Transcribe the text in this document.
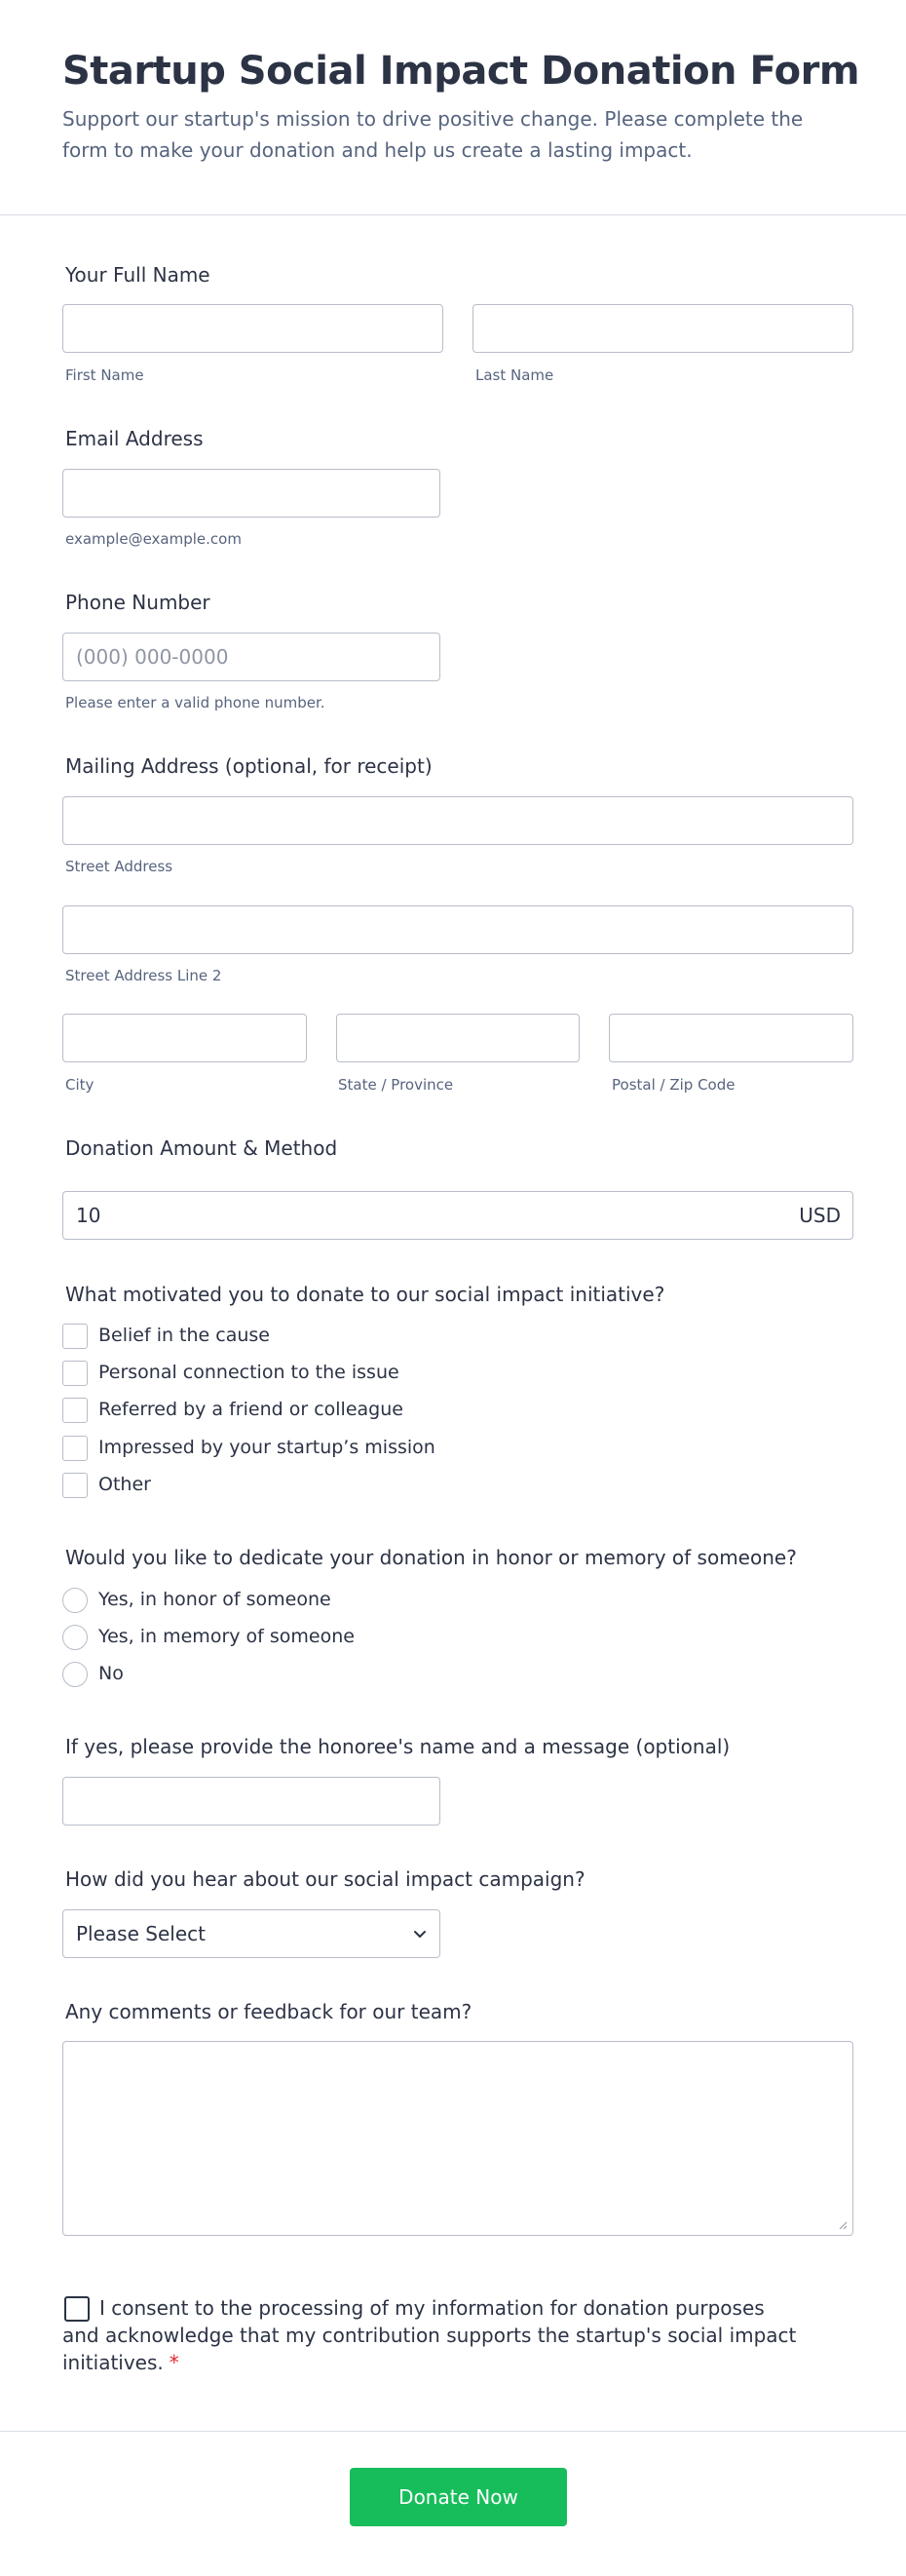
Startup Social Impact Donation Form

Support our startup's mission to drive positive change. Please complete the form to make your donation and help us create a lasting impact.

Your Full Name
First Name	Last Name
Email Address
example@example.com
Phone Number
(000) 000-0000
Please enter a valid phone number.
Mailing Address (optional, for receipt)
Street Address
Street Address Line 2
City	State / Province	Postal / Zip Code
Donation Amount & Method
10	USD
What motivated you to donate to our social impact initiative?
Belief in the cause
Personal connection to the issue
Referred by a friend or colleague
Impressed by your startup’s mission
Other
Would you like to dedicate your donation in honor or memory of someone?
Yes, in honor of someone
Yes, in memory of someone
No
If yes, please provide the honoree's name and a message (optional)
How did you hear about our social impact campaign?
Please Select
Any comments or feedback for our team?

I consent to the processing of my information for donation purposes and acknowledge that my contribution supports the startup's social impact initiatives. *

Donate Now
